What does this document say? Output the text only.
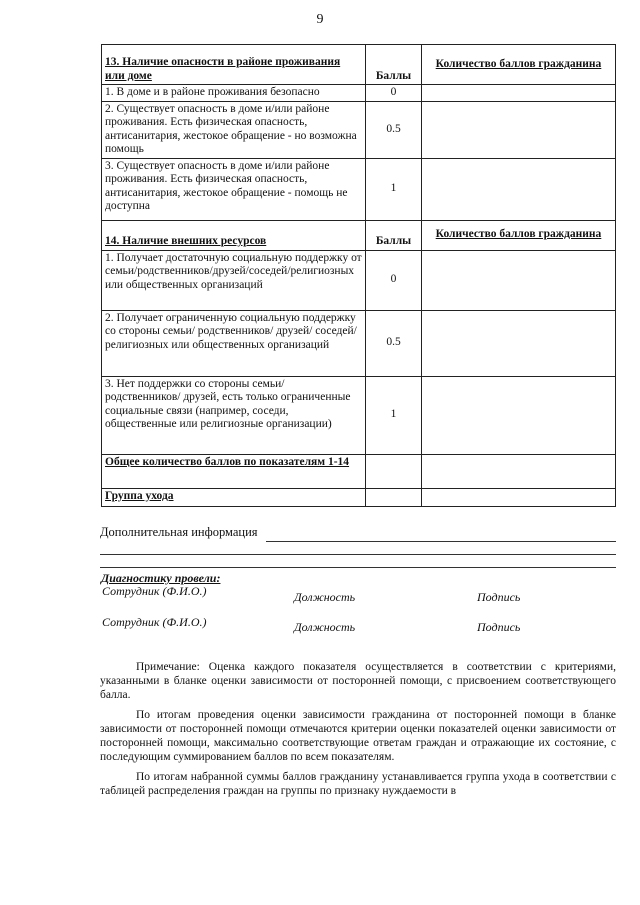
9
13. Наличие опасности в районе проживания или доме	Баллы	Количество баллов гражданина
1. В доме и в районе проживания безопасно	0	
2. Существует опасность в доме и/или районе проживания. Есть физическая опасность, антисанитария, жестокое обращение - но возможна помощь	0.5	
3. Существует опасность в доме и/или районе проживания. Есть физическая опасность, антисанитария, жестокое обращение - помощь не доступна	1	
14. Наличие внешних ресурсов	Баллы	Количество баллов гражданина
1. Получает достаточную социальную поддержку от семьи/родственников/друзей/соседей/религиозных или общественных организаций	0	
2. Получает ограниченную социальную поддержку со стороны семьи/ родственников/ друзей/ соседей/ религиозных или общественных организаций	0.5	
3. Нет поддержки со стороны семьи/ родственников/ друзей, есть только ограниченные социальные связи (например, соседи, общественные или религиозные организации)	1	
Общее количество баллов по показателям 1-14		
Группа ухода		
Дополнительная информация
Диагностику провели:
Сотрудник (Ф.И.О.)	Должность	Подпись
Сотрудник (Ф.И.О.)	Должность	Подпись

Примечание: Оценка каждого показателя осуществляется в соответствии с критериями, указанными в бланке оценки зависимости от посторонней помощи, с присвоением соответствующего балла.

По итогам проведения оценки зависимости гражданина от посторонней помощи в бланке зависимости от посторонней помощи отмечаются критерии оценки показателей оценки зависимости от посторонней помощи, максимально соответствующие ответам граждан и отражающие их состояние, с последующим суммированием баллов по всем показателям.

По итогам набранной суммы баллов гражданину устанавливается группа ухода в соответствии с таблицей распределения граждан на группы по признаку нуждаемости в
